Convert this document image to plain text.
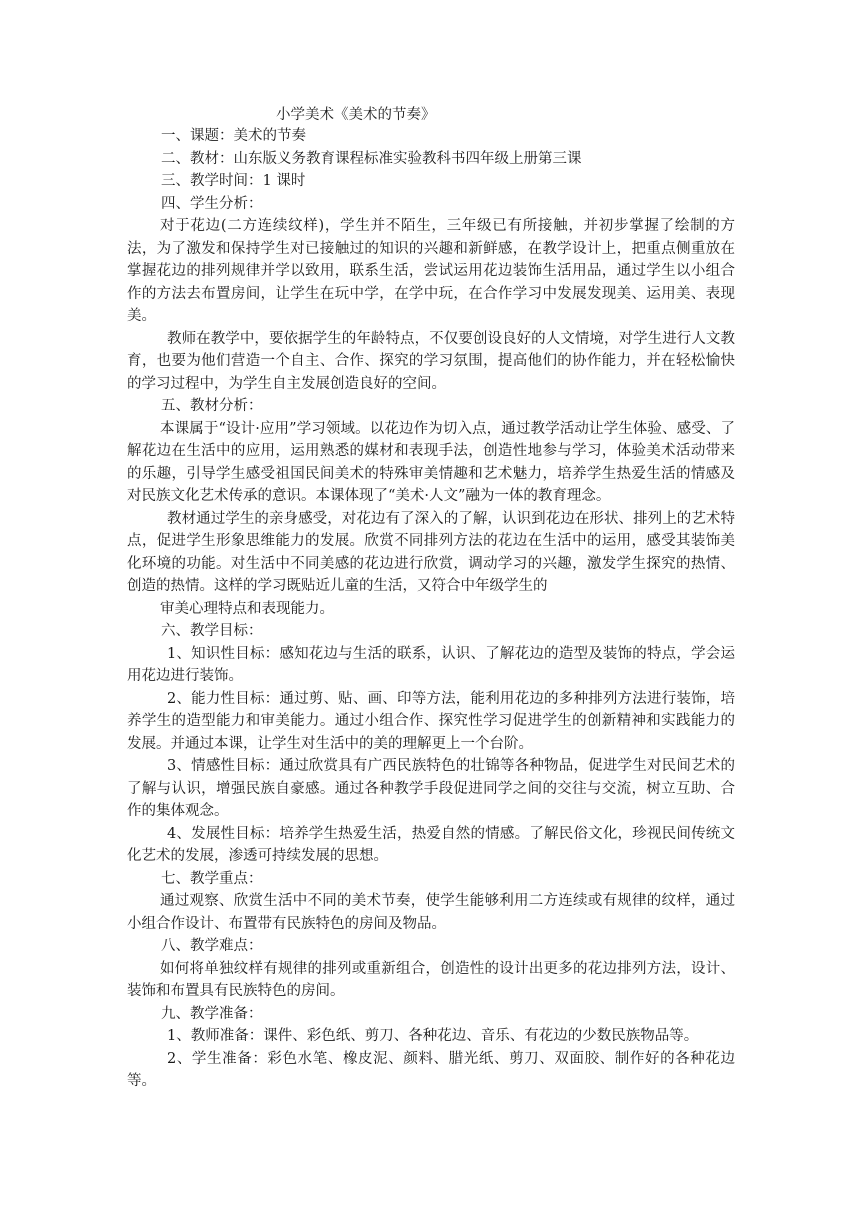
小学美术《美术的节奏》

一、课题：美术的节奏

二、教材：山东版义务教育课程标准实验教科书四年级上册第三课

三、教学时间：1 课时

四、学生分析：

对于花边(二方连续纹样)，学生并不陌生，三年级已有所接触，并初步掌握了绘制的方法，为了激发和保持学生对已接触过的知识的兴趣和新鲜感，在教学设计上，把重点侧重放在掌握花边的排列规律并学以致用，联系生活，尝试运用花边装饰生活用品，通过学生以小组合作的方法去布置房间，让学生在玩中学，在学中玩，在合作学习中发展发现美、运用美、表现美。

教师在教学中，要依据学生的年龄特点，不仅要创设良好的人文情境，对学生进行人文教育，也要为他们营造一个自主、合作、探究的学习氛围，提高他们的协作能力，并在轻松愉快的学习过程中，为学生自主发展创造良好的空间。

五、教材分析：

本课属于“设计·应用”学习领域。以花边作为切入点，通过教学活动让学生体验、感受、了解花边在生活中的应用，运用熟悉的媒材和表现手法，创造性地参与学习，体验美术活动带来的乐趣，引导学生感受祖国民间美术的特殊审美情趣和艺术魅力，培养学生热爱生活的情感及对民族文化艺术传承的意识。本课体现了“美术·人文”融为一体的教育理念。

教材通过学生的亲身感受，对花边有了深入的了解，认识到花边在形状、排列上的艺术特点，促进学生形象思维能力的发展。欣赏不同排列方法的花边在生活中的运用，感受其装饰美化环境的功能。对生活中不同美感的花边进行欣赏，调动学习的兴趣，激发学生探究的热情、创造的热情。这样的学习既贴近儿童的生活，又符合中年级学生的

审美心理特点和表现能力。

六、教学目标：

1、知识性目标：感知花边与生活的联系，认识、了解花边的造型及装饰的特点，学会运用花边进行装饰。

2、能力性目标：通过剪、贴、画、印等方法，能利用花边的多种排列方法进行装饰，培养学生的造型能力和审美能力。通过小组合作、探究性学习促进学生的创新精神和实践能力的发展。并通过本课，让学生对生活中的美的理解更上一个台阶。

3、情感性目标：通过欣赏具有广西民族特色的壮锦等各种物品，促进学生对民间艺术的了解与认识，增强民族自豪感。通过各种教学手段促进同学之间的交往与交流，树立互助、合作的集体观念。

4、发展性目标：培养学生热爱生活，热爱自然的情感。了解民俗文化，珍视民间传统文化艺术的发展，渗透可持续发展的思想。

七、教学重点：

通过观察、欣赏生活中不同的美术节奏，使学生能够利用二方连续或有规律的纹样，通过小组合作设计、布置带有民族特色的房间及物品。

八、教学难点：

如何将单独纹样有规律的排列或重新组合，创造性的设计出更多的花边排列方法，设计、装饰和布置具有民族特色的房间。

九、教学准备：

1、教师准备：课件、彩色纸、剪刀、各种花边、音乐、有花边的少数民族物品等。

2、学生准备：彩色水笔、橡皮泥、颜料、腊光纸、剪刀、双面胶、制作好的各种花边等。
